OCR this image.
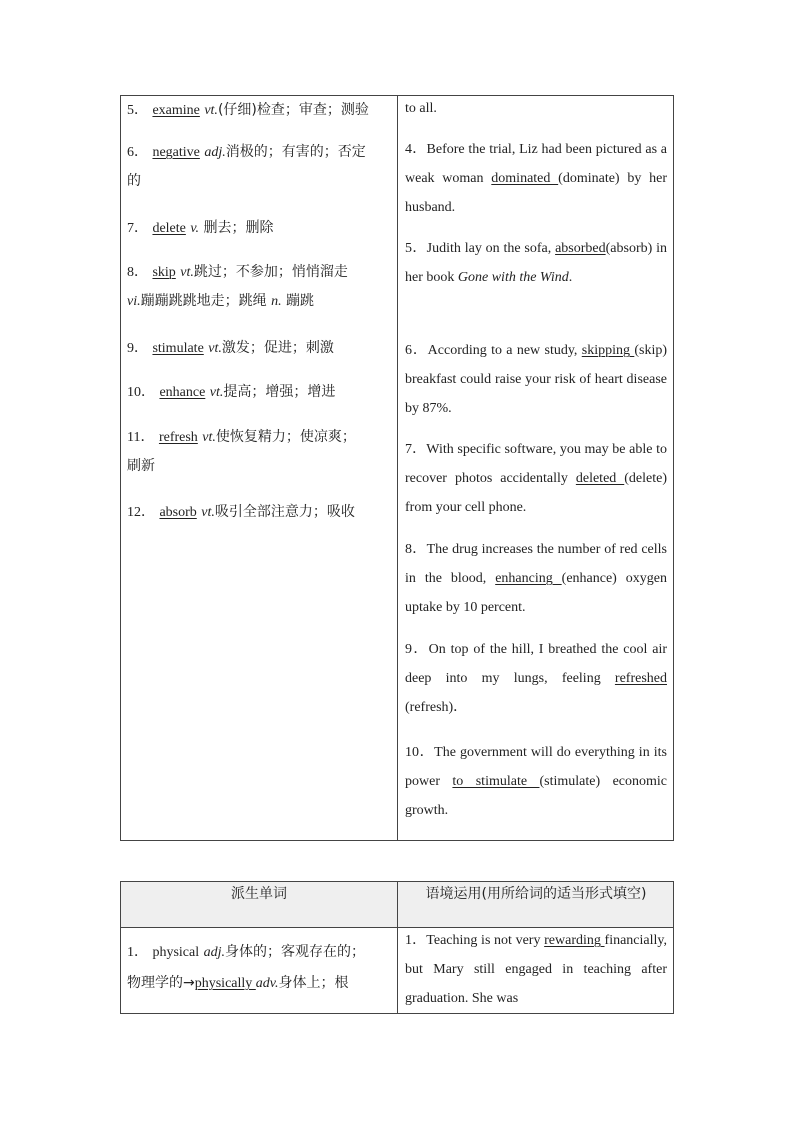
5． examine vt.(仔细)检查；审查；测验
6． negative adj.消极的；有害的；否定
的
7． delete v. 删去；删除
8． skip vt.跳过；不参加；悄悄溜走
vi.蹦蹦跳跳地走；跳绳 n. 蹦跳
9． stimulate vt.激发；促进；刺激
10． enhance vt.提高；增强；增进
11． refresh vt.使恢复精力；使凉爽；
刷新
12． absorb vt.吸引全部注意力；吸收

to all.

4．Before the trial, Liz had been pictured as a weak woman dominated (dominate) by her husband.

5．Judith lay on the sofa, absorbed(absorb) in her book Gone with the Wind.

6．According to a new study, skipping (skip) breakfast could raise your risk of heart disease by 87%.

7．With specific software, you may be able to recover photos accidentally deleted (delete) from your cell phone.

8．The drug increases the number of red cells in the blood, enhancing (enhance) oxygen uptake by 10 percent.

9．On top of the hill, I breathed the cool air deep into my lungs, feeling refreshed (refresh)．

10．The government will do everything in its power to stimulate (stimulate) economic growth.

派生单词	语境运用(用所给词的适当形式填空)
1． physical adj.身体的；客观存在的；
物理学的→physically adv.身体上；根

1．Teaching is not very rewarding financially, but Mary still engaged in teaching after graduation. She was
